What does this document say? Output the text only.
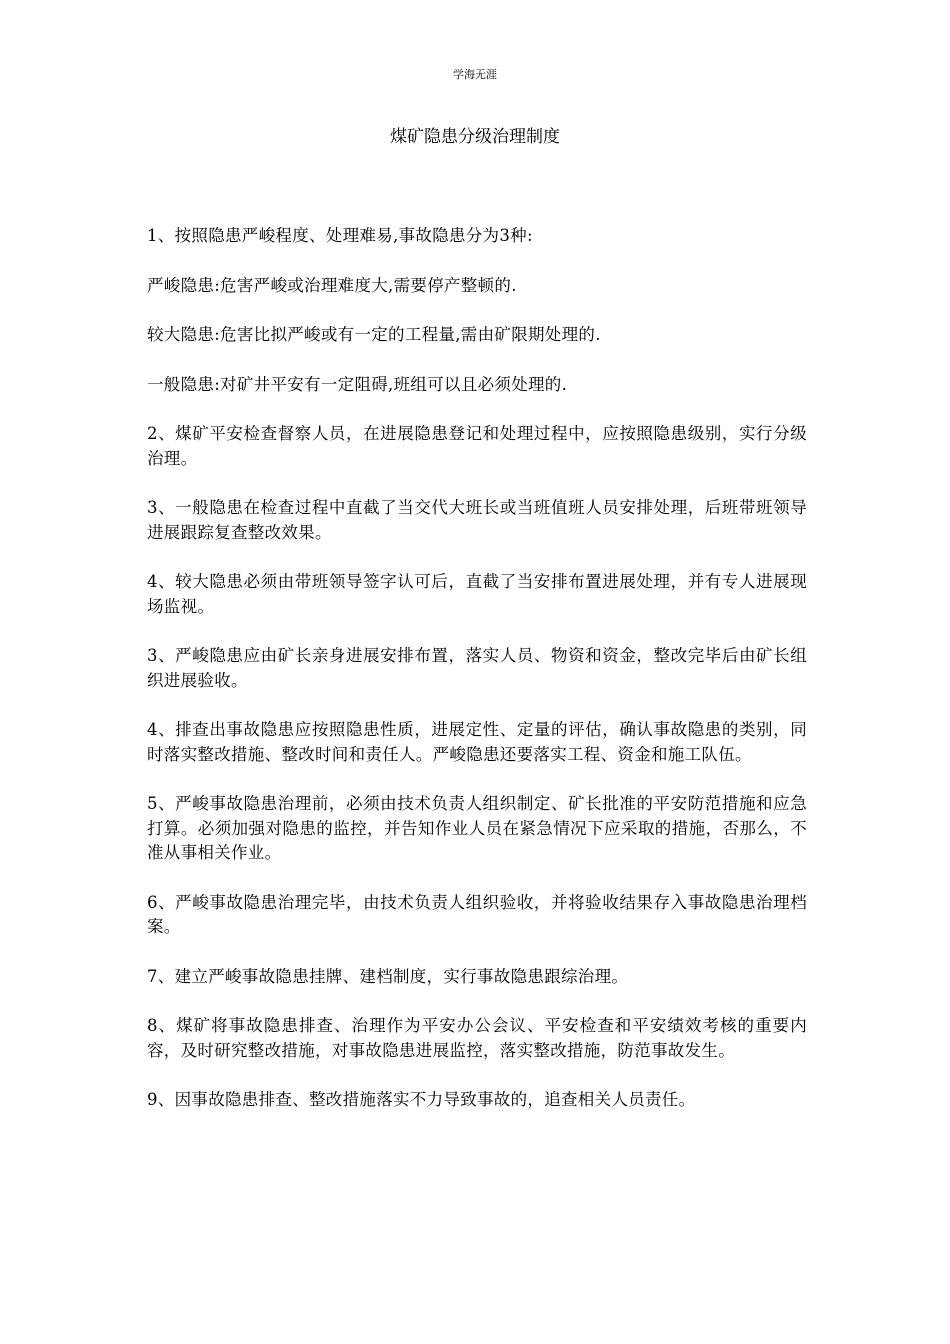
学海无涯
煤矿隐患分级治理制度

1、按照隐患严峻程度、处理难易,事故隐患分为3种:

严峻隐患:危害严峻或治理难度大,需要停产整顿的.

较大隐患:危害比拟严峻或有一定的工程量,需由矿限期处理的.

一般隐患:对矿井平安有一定阻碍,班组可以且必须处理的.

2、煤矿平安检查督察人员，在进展隐患登记和处理过程中，应按照隐患级别，实行分级治理。

3、一般隐患在检查过程中直截了当交代大班长或当班值班人员安排处理，后班带班领导进展跟踪复查整改效果。

4、较大隐患必须由带班领导签字认可后，直截了当安排布置进展处理，并有专人进展现场监视。

3、严峻隐患应由矿长亲身进展安排布置，落实人员、物资和资金，整改完毕后由矿长组织进展验收。

4、排查出事故隐患应按照隐患性质，进展定性、定量的评估，确认事故隐患的类别，同时落实整改措施、整改时间和责任人。严峻隐患还要落实工程、资金和施工队伍。

5、严峻事故隐患治理前，必须由技术负责人组织制定、矿长批准的平安防范措施和应急打算。必须加强对隐患的监控，并告知作业人员在紧急情况下应采取的措施，否那么，不准从事相关作业。

6、严峻事故隐患治理完毕，由技术负责人组织验收，并将验收结果存入事故隐患治理档案。

7、建立严峻事故隐患挂牌、建档制度，实行事故隐患跟综治理。

8、煤矿将事故隐患排查、治理作为平安办公会议、平安检查和平安绩效考核的重要内容，及时研究整改措施，对事故隐患进展监控，落实整改措施，防范事故发生。

9、因事故隐患排查、整改措施落实不力导致事故的，追查相关人员责任。
